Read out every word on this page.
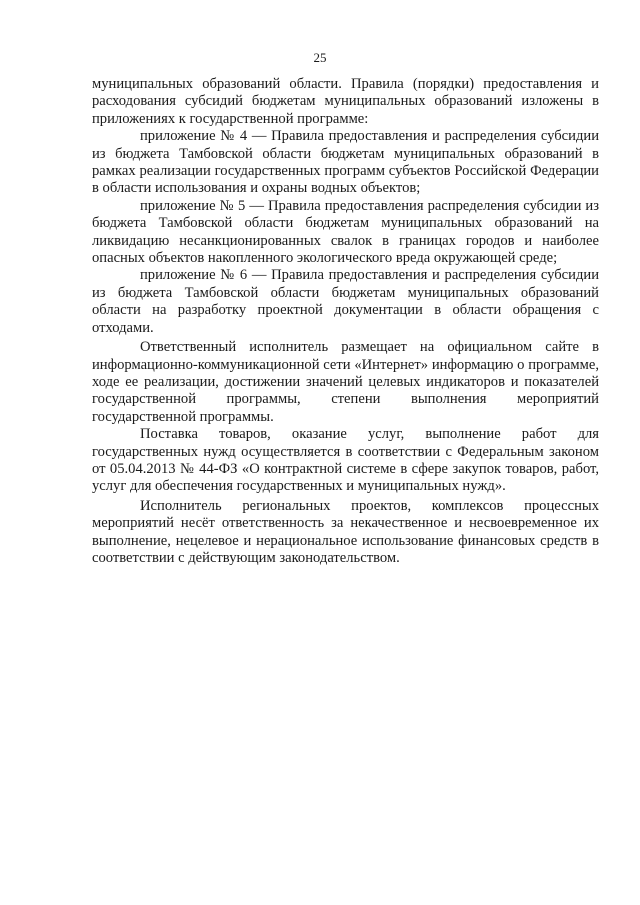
25

муниципальных образований области. Правила (порядки) предоставления и расходования субсидий бюджетам муниципальных образований изложены в приложениях к государственной программе:

приложение № 4 — Правила предоставления и распределения субсидии из бюджета Тамбовской области бюджетам муниципальных образований в рамках реализации государственных программ субъектов Российской Федерации в области использования и охраны водных объектов;

приложение № 5 — Правила предоставления распределения субсидии из бюджета Тамбовской области бюджетам муниципальных образований на ликвидацию несанкционированных свалок в границах городов и наиболее опасных объектов накопленного экологического вреда окружающей среде;

приложение № 6 — Правила предоставления и распределения субсидии из бюджета Тамбовской области бюджетам муниципальных образований области на разработку проектной документации в области обращения с отходами.

Ответственный исполнитель размещает на официальном сайте в информационно-коммуникационной сети «Интернет» информацию о программе, ходе ее реализации, достижении значений целевых индикаторов и показателей государственной программы, степени выполнения мероприятий государственной программы.

Поставка товаров, оказание услуг, выполнение работ для государственных нужд осуществляется в соответствии с Федеральным законом от 05.04.2013 № 44-ФЗ «О контрактной системе в сфере закупок товаров, работ, услуг для обеспечения государственных и муниципальных нужд».

Исполнитель региональных проектов, комплексов процессных мероприятий несёт ответственность за некачественное и несвоевременное их выполнение, нецелевое и нерациональное использование финансовых средств в соответствии с действующим законодательством.
